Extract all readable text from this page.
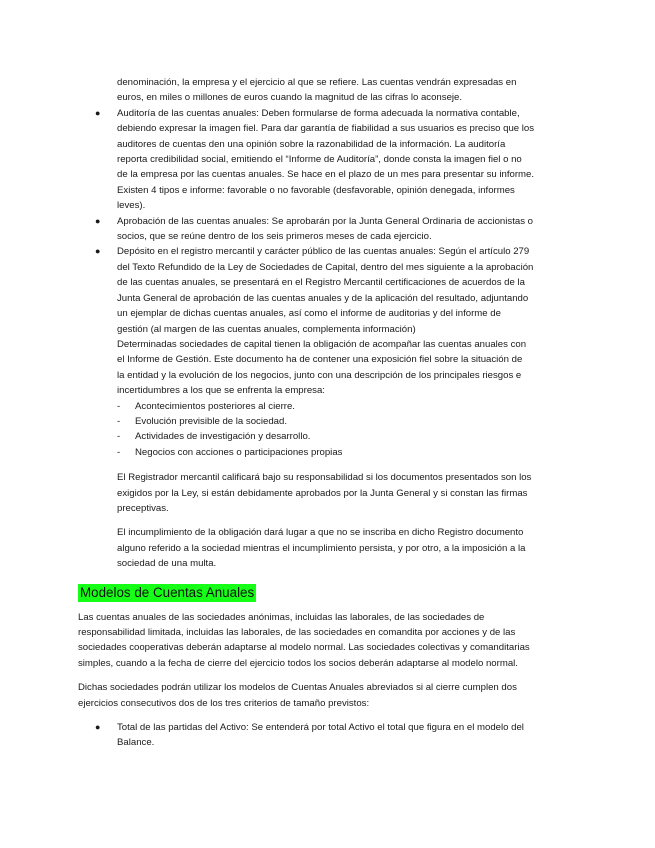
denominación, la empresa y el ejercicio al que se refiere. Las cuentas vendrán expresadas en

euros, en miles o millones de euros cuando la magnitud de las cifras lo aconseje.

Auditoría de las cuentas anuales: Deben formularse de forma adecuada la normativa contable,
debiendo expresar la imagen fiel. Para dar garantía de fiabilidad a sus usuarios es preciso que los
auditores de cuentas den una opinión sobre la razonabilidad de la información. La auditoría
reporta credibilidad social, emitiendo el “Informe de Auditoría”, donde consta la imagen fiel o no
de la empresa por las cuentas anuales. Se hace en el plazo de un mes para presentar su informe.
Existen 4 tipos e informe: favorable o no favorable (desfavorable, opinión denegada, informes
leves).
●
Aprobación de las cuentas anuales: Se aprobarán por la Junta General Ordinaria de accionistas o
socios, que se reúne dentro de los seis primeros meses de cada ejercicio.
●
Depósito en el registro mercantil y carácter público de las cuentas anuales: Según el artículo 279
del Texto Refundido de la Ley de Sociedades de Capital, dentro del mes siguiente a la aprobación
de las cuentas anuales, se presentará en el Registro Mercantil certificaciones de acuerdos de la
Junta General de aprobación de las cuentas anuales y de la aplicación del resultado, adjuntando
un ejemplar de dichas cuentas anuales, así como el informe de auditorias y del informe de
gestión (al margen de las cuentas anuales, complementa información)
Determinadas sociedades de capital tienen la obligación de acompañar las cuentas anuales con
el Informe de Gestión. Este documento ha de contener una exposición fiel sobre la situación de
la entidad y la evolución de los negocios, junto con una descripción de los principales riesgos e
incertidumbres a los que se enfrenta la empresa:
●
- Acontecimientos posteriores al cierre.
- Evolución previsible de la sociedad.
- Actividades de investigación y desarrollo.
- Negocios con acciones o participaciones propias

El Registrador mercantil calificará bajo su responsabilidad si los documentos presentados son los

exigidos por la Ley, si están debidamente aprobados por la Junta General y si constan las firmas

preceptivas.

El incumplimiento de la obligación dará lugar a que no se inscriba en dicho Registro documento

alguno referido a la sociedad mientras el incumplimiento persista, y por otro, a la imposición a la

sociedad de una multa.

Modelos de Cuentas Anuales

Las cuentas anuales de las sociedades anónimas, incluidas las laborales, de las sociedades de

responsabilidad limitada, incluidas las laborales, de las sociedades en comandita por acciones y de las

sociedades cooperativas deberán adaptarse al modelo normal. Las sociedades colectivas y comanditarias

simples, cuando a la fecha de cierre del ejercicio todos los socios deberán adaptarse al modelo normal.

Dichas sociedades podrán utilizar los modelos de Cuentas Anuales abreviados si al cierre cumplen dos

ejercicios consecutivos dos de los tres criterios de tamaño previstos:

Total de las partidas del Activo: Se entenderá por total Activo el total que figura en el modelo del
Balance.
●
